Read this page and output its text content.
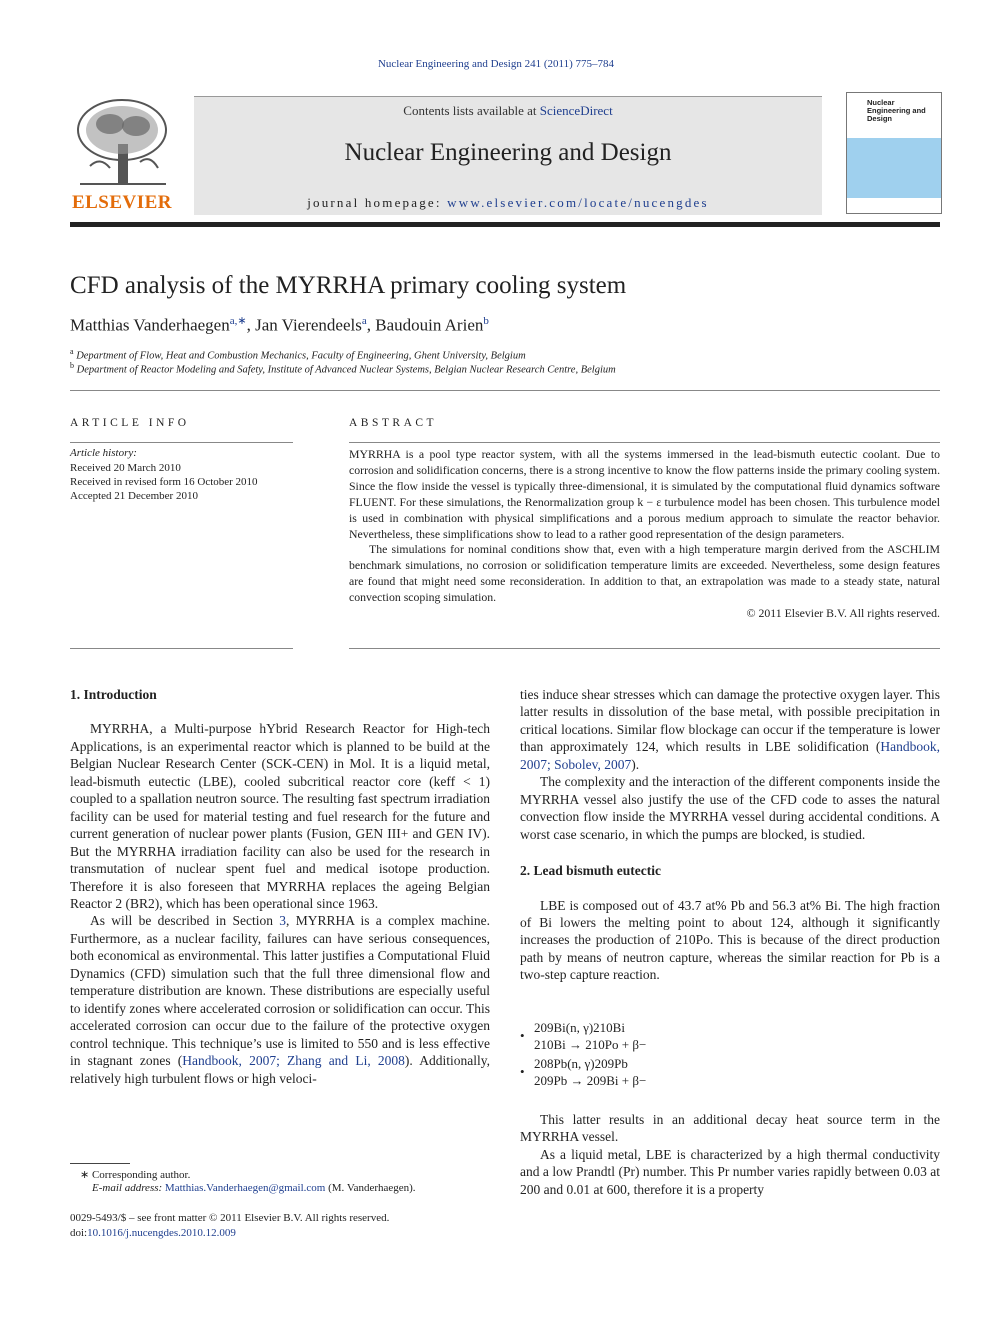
Nuclear Engineering and Design 241 (2011) 775–784
ELSEVIER
Contents lists available at ScienceDirect
Nuclear Engineering and Design
journal homepage: www.elsevier.com/locate/nucengdes
Nuclear Engineering and Design
CFD analysis of the MYRRHA primary cooling system
Matthias Vanderhaegen$^{a,∗}$, Jan Vierendeels$^a$, Baudouin Arien$^b$
$^a$ Department of Flow, Heat and Combustion Mechanics, Faculty of Engineering, Ghent University, Belgium
$^b$ Department of Reactor Modeling and Safety, Institute of Advanced Nuclear Systems, Belgian Nuclear Research Centre, Belgium
ARTICLE INFO
Article history:
Received 20 March 2010
Received in revised form 16 October 2010
Accepted 21 December 2010
ABSTRACT

MYRRHA is a pool type reactor system, with all the systems immersed in the lead-bismuth eutectic coolant. Due to corrosion and solidification concerns, there is a strong incentive to know the flow patterns inside the primary cooling system. Since the flow inside the vessel is typically three-dimensional, it is simulated by the computational fluid dynamics software FLUENT. For these simulations, the Renormalization group k − ε turbulence model has been chosen. This turbulence model is used in combination with physical simplifications and a porous medium approach to simulate the reactor behavior. Nevertheless, these simplifications show to lead to a rather good representation of the design parameters.

The simulations for nominal conditions show that, even with a high temperature margin derived from the ASCHLIM benchmark simulations, no corrosion or solidification temperature limits are exceeded. Nevertheless, some design features are found that might need some reconsideration. In addition to that, an extrapolation was made to a steady state, natural convection scoping simulation.

© 2011 Elsevier B.V. All rights reserved.

1. Introduction

MYRRHA, a Multi-purpose hYbrid Research Reactor for High-tech Applications, is an experimental reactor which is planned to be build at the Belgian Nuclear Research Center (SCK-CEN) in Mol. It is a liquid metal, lead-bismuth eutectic (LBE), cooled subcritical reactor core (keff < 1) coupled to a spallation neutron source. The resulting fast spectrum irradiation facility can be used for material testing and fuel research for the future and current generation of nuclear power plants (Fusion, GEN III+ and GEN IV). But the MYRRHA irradiation facility can also be used for the research in transmutation of nuclear spent fuel and medical isotope production. Therefore it is also foreseen that MYRRHA replaces the ageing Belgian Reactor 2 (BR2), which has been operational since 1963.

As will be described in Section 3, MYRRHA is a complex machine. Furthermore, as a nuclear facility, failures can have serious consequences, both economical as environmental. This latter justifies a Computational Fluid Dynamics (CFD) simulation such that the full three dimensional flow and temperature distribution are known. These distributions are especially useful to identify zones where accelerated corrosion or solidification can occur. This accelerated corrosion can occur due to the failure of the protective oxygen control technique. This technique’s use is limited to 550 and is less effective in stagnant zones (Handbook, 2007; Zhang and Li, 2008). Additionally, relatively high turbulent flows or high veloci-

ties induce shear stresses which can damage the protective oxygen layer. This latter results in dissolution of the base metal, with possible precipitation in critical locations. Similar flow blockage can occur if the temperature is lower than approximately 124, which results in LBE solidification (Handbook, 2007; Sobolev, 2007).

The complexity and the interaction of the different components inside the MYRRHA vessel also justify the use of the CFD code to asses the natural convection flow inside the MYRRHA vessel during accidental conditions. A worst case scenario, in which the pumps are blocked, is studied.

2. Lead bismuth eutectic

LBE is composed out of 43.7 at% Pb and 56.3 at% Bi. The high fraction of Bi lowers the melting point to about 124, although it significantly increases the production of 210Po. This is because of the direct production path by means of neutron capture, whereas the similar reaction for Pb is a two-step capture reaction.

•
209Bi(n, γ)210Bi
210Bi → 210Po + β−
•
208Pb(n, γ)209Pb
209Pb → 209Bi + β−

This latter results in an additional decay heat source term in the MYRRHA vessel.

As a liquid metal, LBE is characterized by a high thermal conductivity and a low Prandtl (Pr) number. This Pr number varies rapidly between 0.03 at 200 and 0.01 at 600, therefore it is a property

∗ Corresponding author.
E-mail address: Matthias.Vanderhaegen@gmail.com (M. Vanderhaegen).
0029-5493/$ – see front matter © 2011 Elsevier B.V. All rights reserved.
doi:10.1016/j.nucengdes.2010.12.009
